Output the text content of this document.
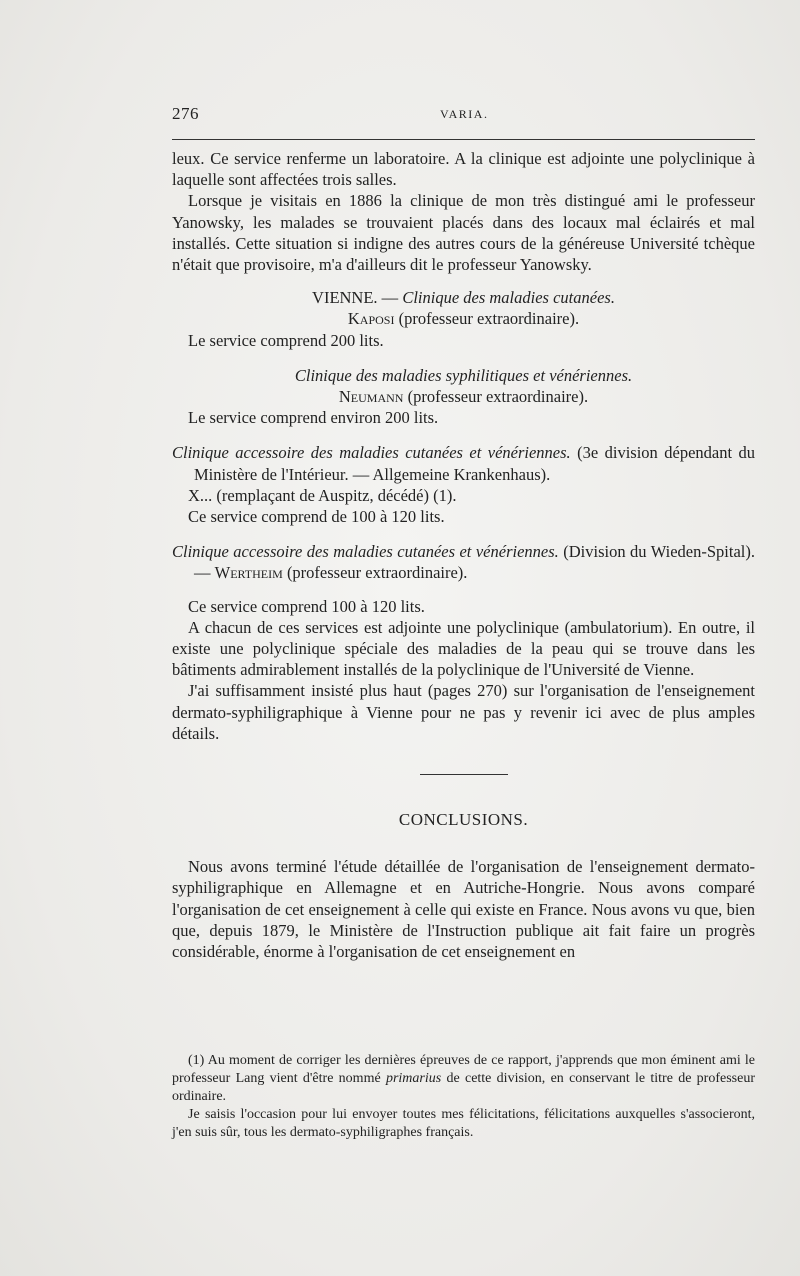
276	VARIA.

leux. Ce service renferme un laboratoire. A la clinique est adjointe une polyclinique à laquelle sont affectées trois salles.

Lorsque je visitais en 1886 la clinique de mon très distingué ami le professeur Yanowsky, les malades se trouvaient placés dans des locaux mal éclairés et mal installés. Cette situation si indigne des autres cours de la généreuse Université tchèque n'était que provisoire, m'a d'ailleurs dit le professeur Yanowsky.

VIENNE. — Clinique des maladies cutanées.

Kaposi (professeur extraordinaire).

Le service comprend 200 lits.

Clinique des maladies syphilitiques et vénériennes.

Neumann (professeur extraordinaire).

Le service comprend environ 200 lits.

Clinique accessoire des maladies cutanées et vénériennes. (3e division dépendant du Ministère de l'Intérieur. — Allgemeine Krankenhaus).

X... (remplaçant de Auspitz, décédé) (1).

Ce service comprend de 100 à 120 lits.

Clinique accessoire des maladies cutanées et vénériennes. (Division du Wieden-Spital). — Wertheim (professeur extraordinaire).

Ce service comprend 100 à 120 lits.

A chacun de ces services est adjointe une polyclinique (ambulatorium). En outre, il existe une polyclinique spéciale des maladies de la peau qui se trouve dans les bâtiments admirablement installés de la polyclinique de l'Université de Vienne.

J'ai suffisamment insisté plus haut (pages 270) sur l'organisation de l'enseignement dermato-syphiligraphique à Vienne pour ne pas y revenir ici avec de plus amples détails.

CONCLUSIONS.

Nous avons terminé l'étude détaillée de l'organisation de l'enseignement dermato-syphiligraphique en Allemagne et en Autriche-Hongrie. Nous avons comparé l'organisation de cet enseignement à celle qui existe en France. Nous avons vu que, bien que, depuis 1879, le Ministère de l'Instruction publique ait fait faire un progrès considérable, énorme à l'organisation de cet enseignement en

(1) Au moment de corriger les dernières épreuves de ce rapport, j'apprends que mon éminent ami le professeur Lang vient d'être nommé primarius de cette division, en conservant le titre de professeur ordinaire.

Je saisis l'occasion pour lui envoyer toutes mes félicitations, félicitations auxquelles s'associeront, j'en suis sûr, tous les dermato-syphiligraphes français.
